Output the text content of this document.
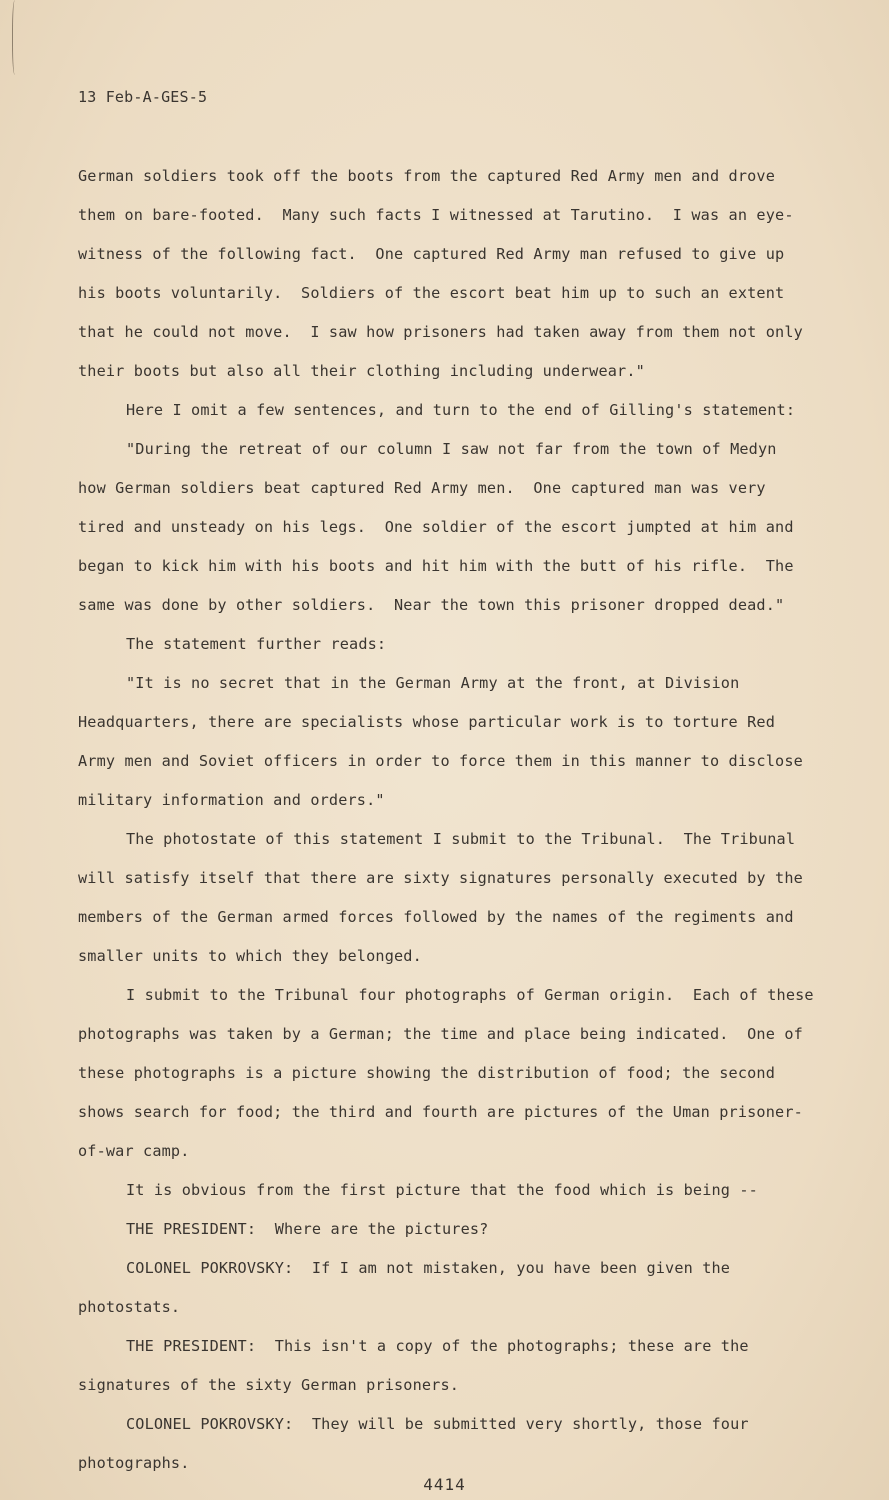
13 Feb-A-GES-5
German soldiers took off the boots from the captured Red Army men and drove
them on bare-footed.  Many such facts I witnessed at Tarutino.  I was an eye-
witness of the following fact.  One captured Red Army man refused to give up
his boots voluntarily.  Soldiers of the escort beat him up to such an extent
that he could not move.  I saw how prisoners had taken away from them not only
their boots but also all their clothing including underwear."
Here I omit a few sentences, and turn to the end of Gilling's statement:
"During the retreat of our column I saw not far from the town of Medyn
how German soldiers beat captured Red Army men.  One captured man was very
tired and unsteady on his legs.  One soldier of the escort jumpted at him and
began to kick him with his boots and hit him with the butt of his rifle.  The
same was done by other soldiers.  Near the town this prisoner dropped dead."
The statement further reads:
"It is no secret that in the German Army at the front, at Division
Headquarters, there are specialists whose particular work is to torture Red
Army men and Soviet officers in order to force them in this manner to disclose
military information and orders."
The photostate of this statement I submit to the Tribunal.  The Tribunal
will satisfy itself that there are sixty signatures personally executed by the
members of the German armed forces followed by the names of the regiments and
smaller units to which they belonged.
I submit to the Tribunal four photographs of German origin.  Each of these
photographs was taken by a German; the time and place being indicated.  One of
these photographs is a picture showing the distribution of food; the second
shows search for food; the third and fourth are pictures of the Uman prisoner-
of-war camp.
It is obvious from the first picture that the food which is being --
THE PRESIDENT:  Where are the pictures?
COLONEL POKROVSKY:  If I am not mistaken, you have been given the
photostats.
THE PRESIDENT:  This isn't a copy of the photographs; these are the
signatures of the sixty German prisoners.
COLONEL POKROVSKY:  They will be submitted very shortly, those four
photographs.
4414
